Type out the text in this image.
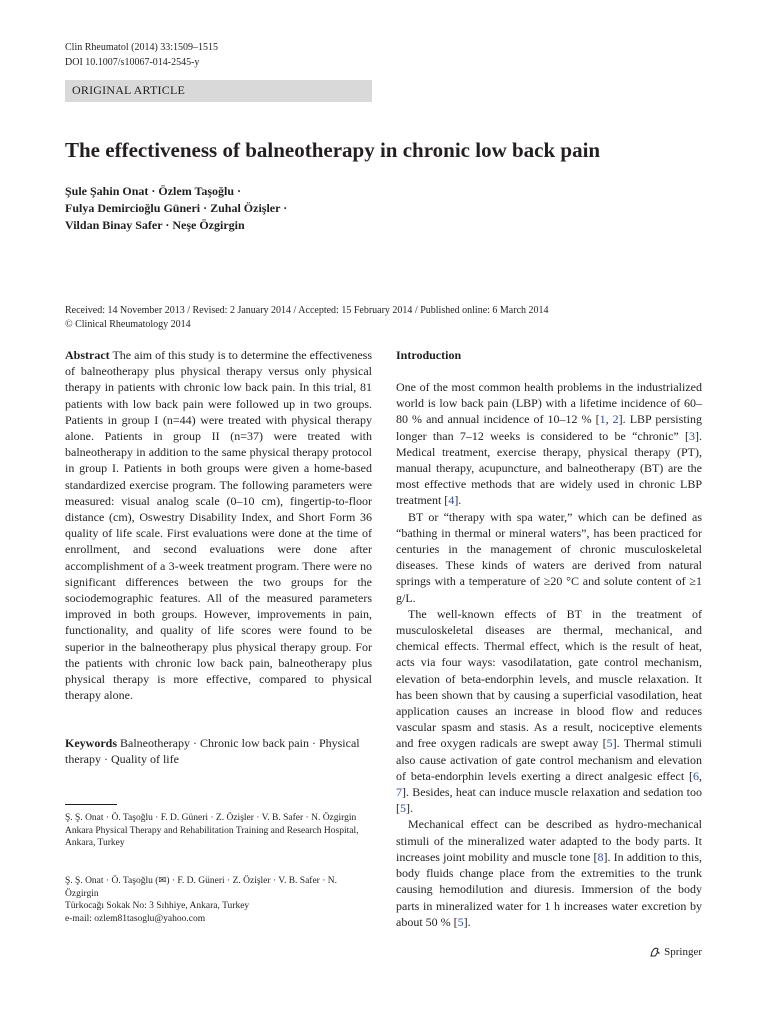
Clin Rheumatol (2014) 33:1509–1515
DOI 10.1007/s10067-014-2545-y
ORIGINAL ARTICLE
The effectiveness of balneotherapy in chronic low back pain
Şule Şahin Onat · Özlem Taşoğlu ·
Fulya Demircioğlu Güneri · Zuhal Özişler ·
Vildan Binay Safer · Neşe Özgirgin
Received: 14 November 2013 / Revised: 2 January 2014 / Accepted: 15 February 2014 / Published online: 6 March 2014
© Clinical Rheumatology 2014
Abstract The aim of this study is to determine the effectiveness of balneotherapy plus physical therapy versus only physical therapy in patients with chronic low back pain. In this trial, 81 patients with low back pain were followed up in two groups. Patients in group I (n=44) were treated with physical therapy alone. Patients in group II (n=37) were treated with balneotherapy in addition to the same physical therapy protocol in group I. Patients in both groups were given a home-based standardized exercise program. The following parameters were measured: visual analog scale (0–10 cm), fingertip-to-floor distance (cm), Oswestry Disability Index, and Short Form 36 quality of life scale. First evaluations were done at the time of enrollment, and second evaluations were done after accomplishment of a 3-week treatment program. There were no significant differences between the two groups for the sociodemographic features. All of the measured parameters improved in both groups. However, improvements in pain, functionality, and quality of life scores were found to be superior in the balneotherapy plus physical therapy group. For the patients with chronic low back pain, balneotherapy plus physical therapy is more effective, compared to physical therapy alone.
Keywords Balneotherapy · Chronic low back pain · Physical therapy · Quality of life
Ş. Ş. Onat · Ö. Taşoğlu · F. D. Güneri · Z. Özişler · V. B. Safer · N. Özgirgin
Ankara Physical Therapy and Rehabilitation Training and Research Hospital, Ankara, Turkey
Ş. Ş. Onat · Ö. Taşoğlu (✉) · F. D. Güneri · Z. Özişler · V. B. Safer · N. Özgirgin
Türkocağı Sokak No: 3 Sıhhiye, Ankara, Turkey
e-mail: ozlem81tasoglu@yahoo.com

Introduction

One of the most common health problems in the industrialized world is low back pain (LBP) with a lifetime incidence of 60–80 % and annual incidence of 10–12 % [1, 2]. LBP persisting longer than 7–12 weeks is considered to be “chronic” [3]. Medical treatment, exercise therapy, physical therapy (PT), manual therapy, acupuncture, and balneotherapy (BT) are the most effective methods that are widely used in chronic LBP treatment [4].

BT or “therapy with spa water,” which can be defined as “bathing in thermal or mineral waters”, has been practiced for centuries in the management of chronic musculoskeletal diseases. These kinds of waters are derived from natural springs with a temperature of ≥20 °C and solute content of ≥1 g/L.

The well-known effects of BT in the treatment of musculoskeletal diseases are thermal, mechanical, and chemical effects. Thermal effect, which is the result of heat, acts via four ways: vasodilatation, gate control mechanism, elevation of beta-endorphin levels, and muscle relaxation. It has been shown that by causing a superficial vasodilation, heat application causes an increase in blood flow and reduces vascular spasm and stasis. As a result, nociceptive elements and free oxygen radicals are swept away [5]. Thermal stimuli also cause activation of gate control mechanism and elevation of beta-endorphin levels exerting a direct analgesic effect [6, 7]. Besides, heat can induce muscle relaxation and sedation too [5].

Mechanical effect can be described as hydro-mechanical stimuli of the mineralized water adapted to the body parts. It increases joint mobility and muscle tone [8]. In addition to this, body fluids change place from the extremities to the trunk causing hemodilution and diuresis. Immersion of the body parts in mineralized water for 1 h increases water excretion by about 50 % [5].

Springer
